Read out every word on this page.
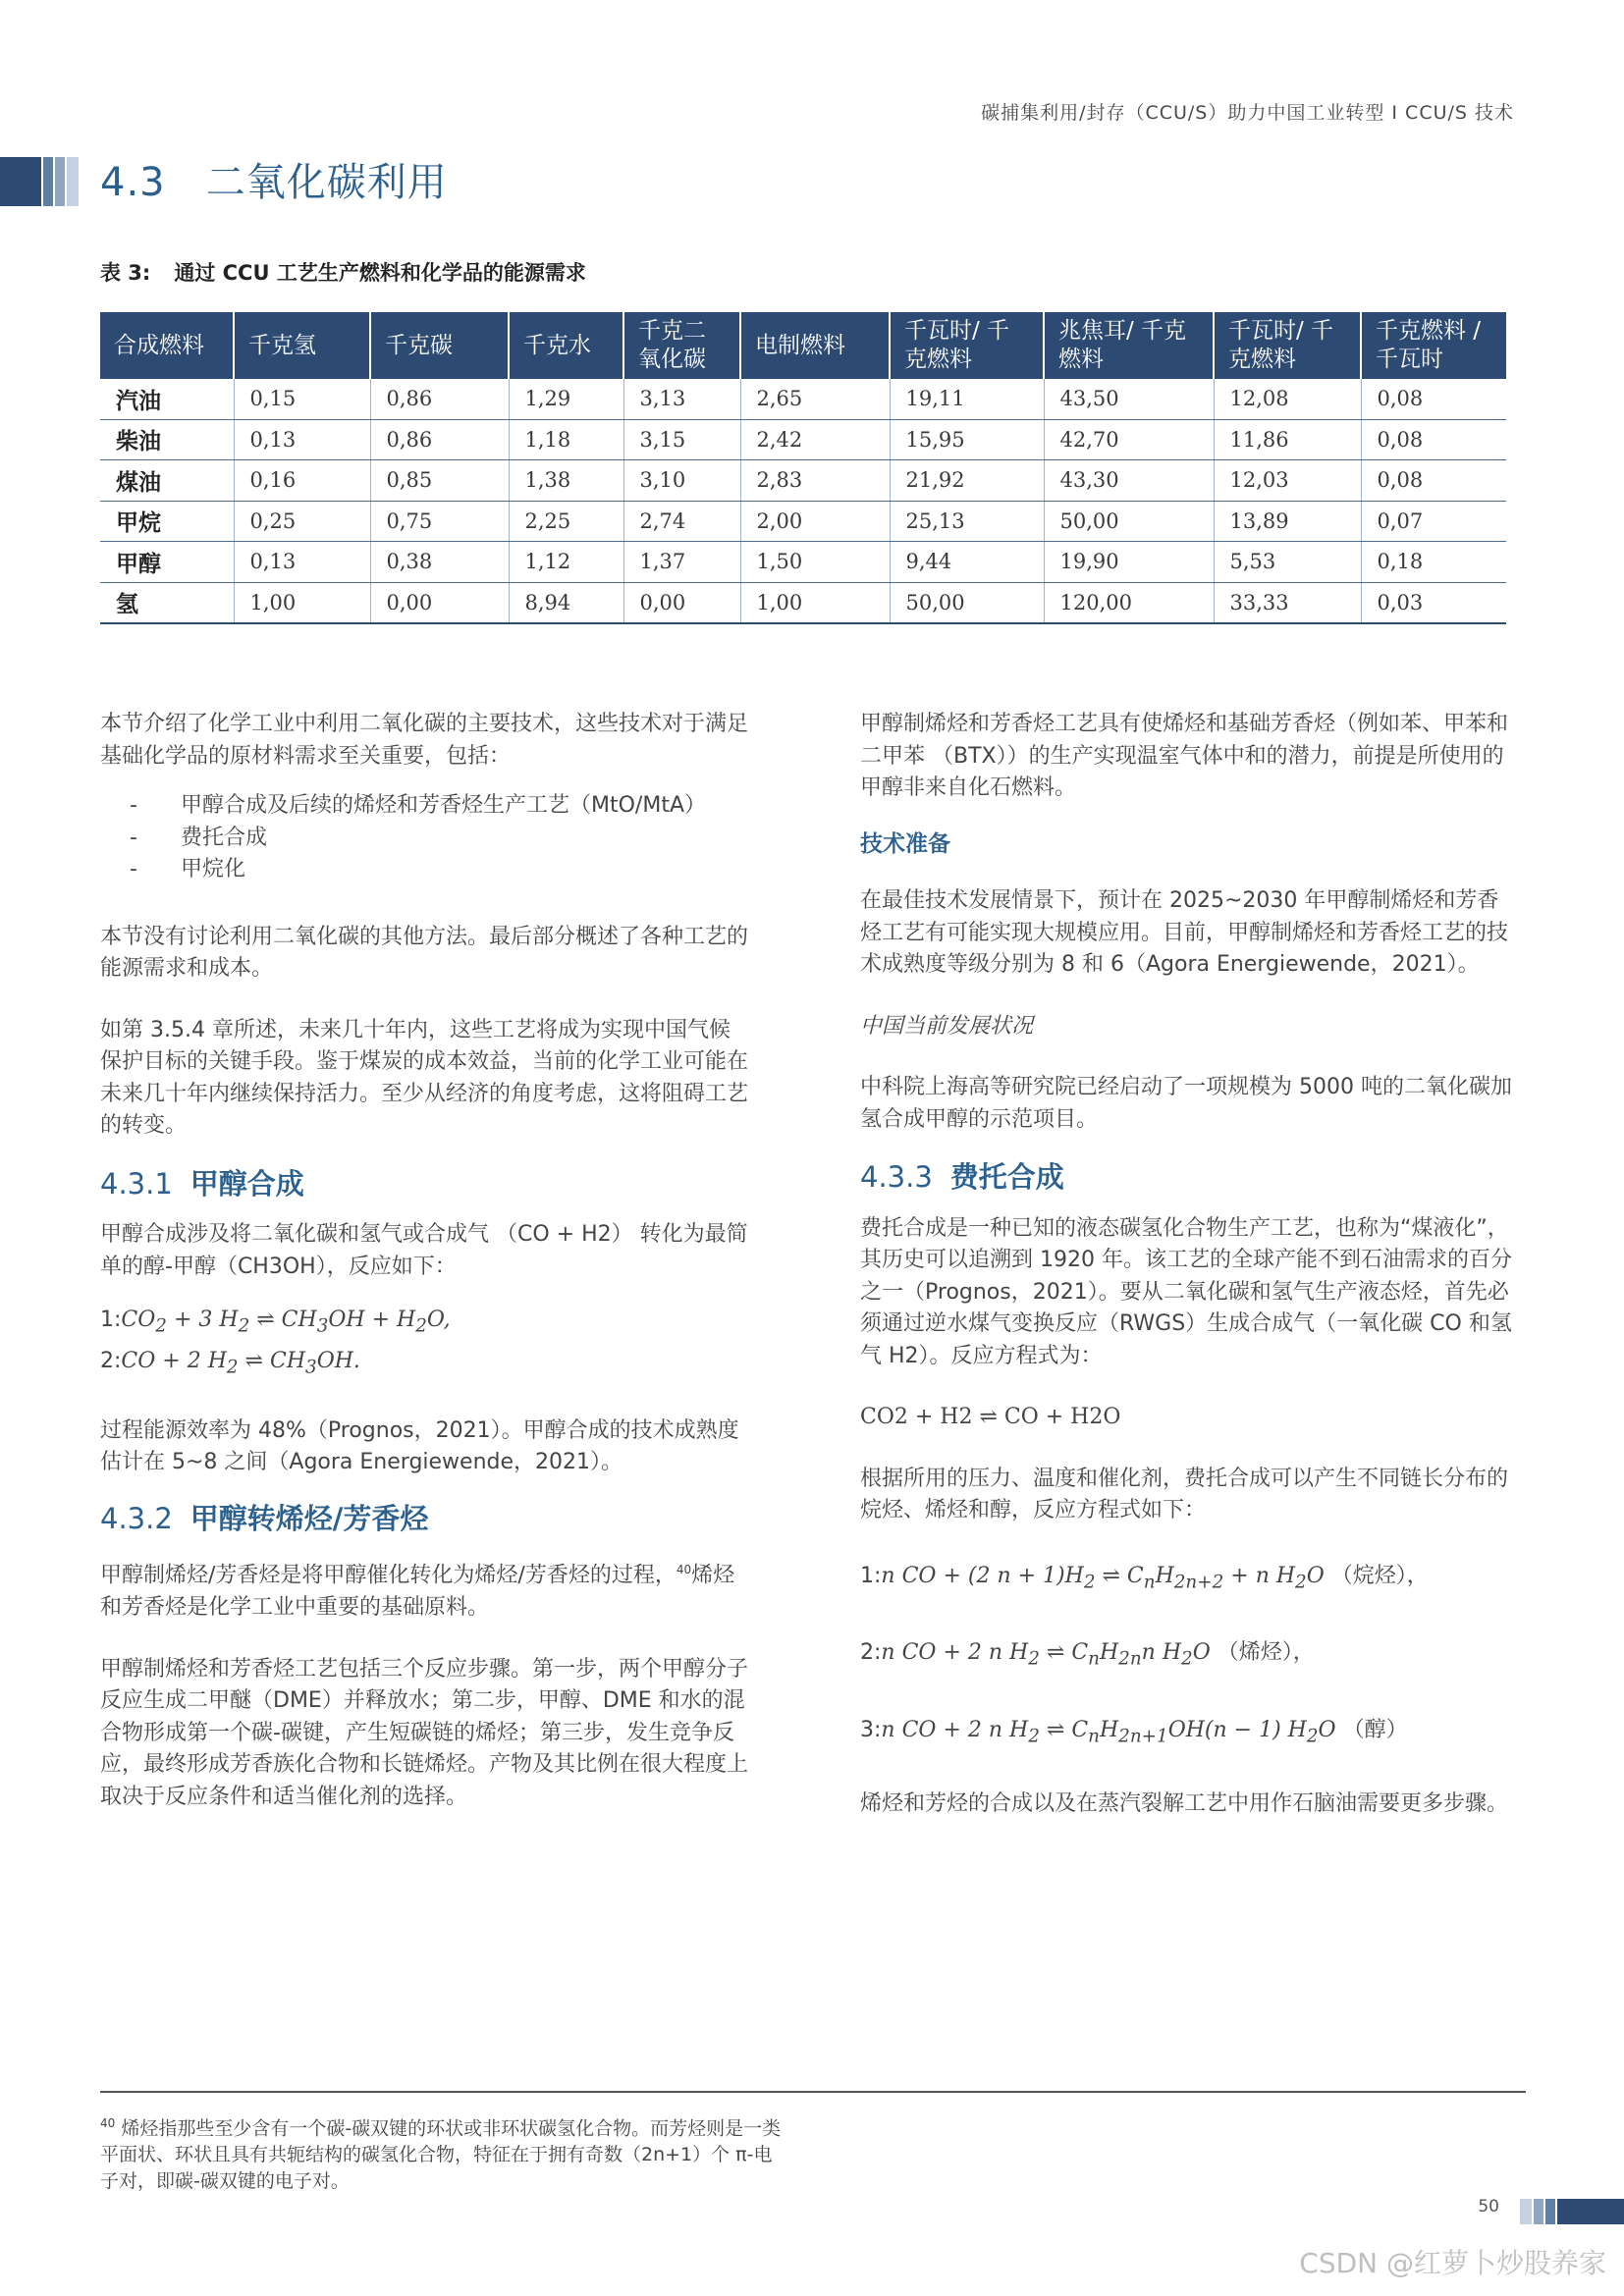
碳捕集利用/封存（CCU/S）助力中国工业转型 I CCU/S 技术
4.3 二氧化碳利用
表 3: 通过 CCU 工艺生产燃料和化学品的能源需求
合成燃料	千克氢	千克碳	千克水	千克二氧化碳	电制燃料	千瓦时/ 千克燃料	兆焦耳/ 千克燃料	千瓦时/ 千克燃料	千克燃料 /千瓦时
汽油	0,15	0,86	1,29	3,13	2,65	19,11	43,50	12,08	0,08
柴油	0,13	0,86	1,18	3,15	2,42	15,95	42,70	11,86	0,08
煤油	0,16	0,85	1,38	3,10	2,83	21,92	43,30	12,03	0,08
甲烷	0,25	0,75	2,25	2,74	2,00	25,13	50,00	13,89	0,07
甲醇	0,13	0,38	1,12	1,37	1,50	9,44	19,90	5,53	0,18
氢	1,00	0,00	8,94	0,00	1,00	50,00	120,00	33,33	0,03

本节介绍了化学工业中利用二氧化碳的主要技术，这些技术对于满足基础化学品的原材料需求至关重要，包括：

- 甲醇合成及后续的烯烃和芳香烃生产工艺（MtO/MtA）

- 费托合成

- 甲烷化

本节没有讨论利用二氧化碳的其他方法。最后部分概述了各种工艺的能源需求和成本。

如第 3.5.4 章所述，未来几十年内，这些工艺将成为实现中国气候保护目标的关键手段。鉴于煤炭的成本效益，当前的化学工业可能在未来几十年内继续保持活力。至少从经济的角度考虑，这将阻碍工艺的转变。

4.3.1 甲醇合成

甲醇合成涉及将二氧化碳和氢气或合成气 （CO + H2） 转化为最简单的醇-甲醇（CH3OH），反应如下：

$1:CO_2 + 3$ $H_2$ ⇌ $CH_3OH + H_2O$,
2:CO + 2 $H_2$ ⇌ $CH_3OH$.

过程能源效率为 48%（Prognos，2021）。甲醇合成的技术成熟度估计在 5~8 之间（Agora Energiewende，2021）。

4.3.2 甲醇转烯烃/芳香烃

甲醇制烯烃/芳香烃是将甲醇催化转化为烯烃/芳香烃的过程，$^{40}$烯烃和芳香烃是化学工业中重要的基础原料。

甲醇制烯烃和芳香烃工艺包括三个反应步骤。第一步，两个甲醇分子反应生成二甲醚（DME）并释放水；第二步，甲醇、DME 和水的混合物形成第一个碳-碳键，产生短碳链的烯烃；第三步，发生竞争反应，最终形成芳香族化合物和长链烯烃。产物及其比例在很大程度上取决于反应条件和适当催化剂的选择。

甲醇制烯烃和芳香烃工艺具有使烯烃和基础芳香烃（例如苯、甲苯和二甲苯 （BTX））的生产实现温室气体中和的潜力，前提是所使用的甲醇非来自化石燃料。

技术准备

在最佳技术发展情景下，预计在 2025~2030 年甲醇制烯烃和芳香烃工艺有可能实现大规模应用。目前，甲醇制烯烃和芳香烃工艺的技术成熟度等级分别为 8 和 6（Agora Energiewende，2021）。

中国当前发展状况

中科院上海高等研究院已经启动了一项规模为 5000 吨的二氧化碳加氢合成甲醇的示范项目。

4.3.3 费托合成

费托合成是一种已知的液态碳氢化合物生产工艺，也称为“煤液化”，其历史可以追溯到 1920 年。该工艺的全球产能不到石油需求的百分之一（Prognos，2021）。要从二氧化碳和氢气生产液态烃，首先必须通过逆水煤气变换反应（RWGS）生成合成气（一氧化碳 CO 和氢气 H2）。反应方程式为：

CO2 + H2 ⇌ CO + H2O

根据所用的压力、温度和催化剂，费托合成可以产生不同链长分布的烷烃、烯烃和醇，反应方程式如下：

1:n CO + (2 $n + 1)H_2$ ⇌ $C_nH_{2n+2} + n$ $H_2O$ （烷烃），
2:n CO + 2 n $H_2$ ⇌ $C_nH_{2n}n$ $H_2O$ （烯烃），
3:n CO + 2 n $H_2$ ⇌ $C_nH_{2n+1}OH(n - 1)$ $H_2O$ （醇）

烯烃和芳烃的合成以及在蒸汽裂解工艺中用作石脑油需要更多步骤。

$^{40}$ 烯烃指那些至少含有一个碳-碳双键的环状或非环状碳氢化合物。而芳烃则是一类平面状、环状且具有共轭结构的碳氢化合物，特征在于拥有奇数（2n+1）个 π-电子对，即碳-碳双键的电子对。
50
CSDN @红萝卜炒股养家
